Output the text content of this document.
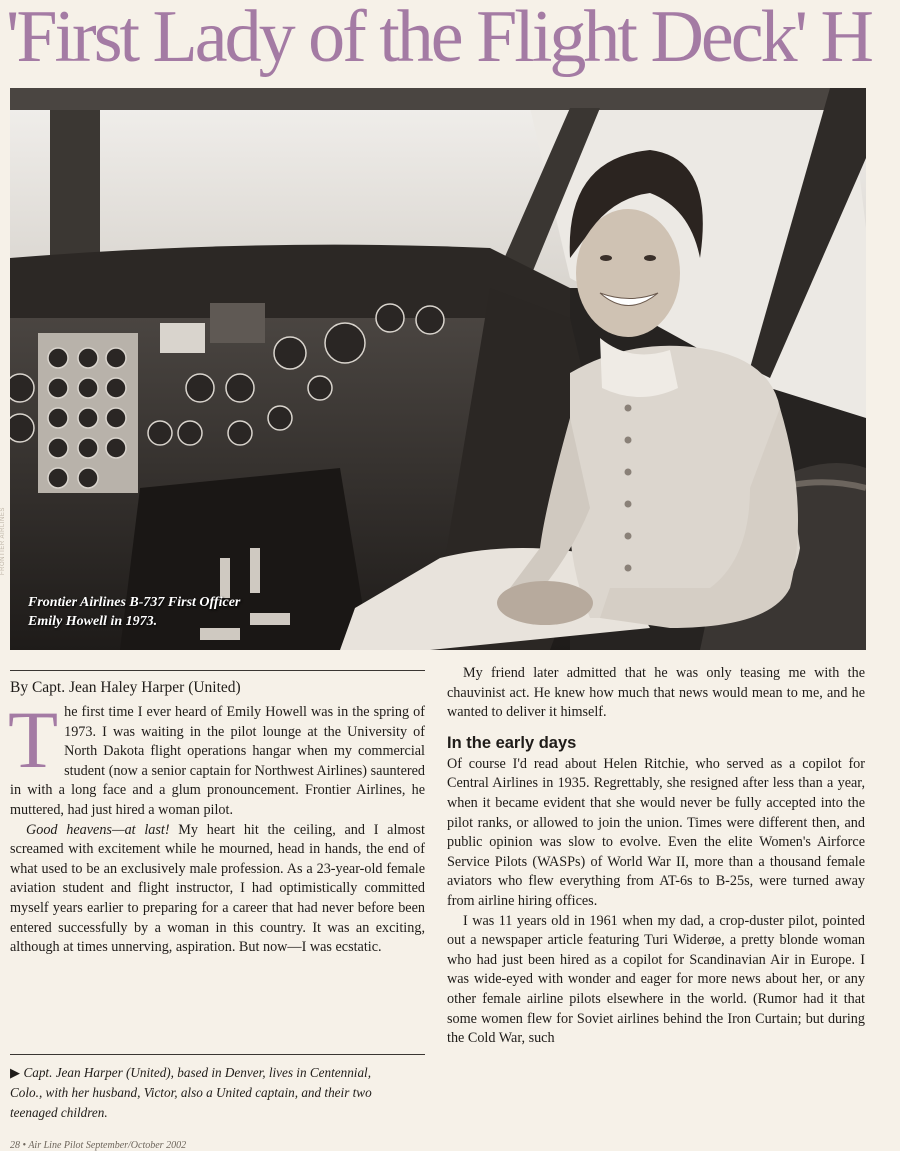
'First Lady of the Flight Deck' H
Frontier Airlines B-737 First Officer
Emily Howell in 1973.
FRONTIER AIRLINES
By Capt. Jean Haley Harper (United)

The first time I ever heard of Emily Howell was in the spring of 1973. I was waiting in the pilot lounge at the University of North Dakota flight operations hangar when my commercial student (now a senior captain for Northwest Airlines) sauntered in with a long face and a glum pronouncement. Frontier Airlines, he muttered, had just hired a woman pilot.

Good heavens—at last! My heart hit the ceiling, and I almost screamed with excitement while he mourned, head in hands, the end of what used to be an exclusively male profession. As a 23-year-old female aviation student and flight instructor, I had optimistically committed myself years earlier to preparing for a career that had never before been entered successfully by a woman in this country. It was an exciting, although at times unnerving, aspiration. But now—I was ecstatic.

▶ Capt. Jean Harper (United), based in Denver, lives in Centennial, Colo., with her husband, Victor, also a United captain, and their two teenaged children.

My friend later admitted that he was only teasing me with the chauvinist act. He knew how much that news would mean to me, and he wanted to deliver it himself.

In the early days

Of course I'd read about Helen Ritchie, who served as a copilot for Central Airlines in 1935. Regrettably, she resigned after less than a year, when it became evident that she would never be fully accepted into the pilot ranks, or allowed to join the union. Times were different then, and public opinion was slow to evolve. Even the elite Women's Airforce Service Pilots (WASPs) of World War II, more than a thousand female aviators who flew everything from AT-6s to B-25s, were turned away from airline hiring offices.

I was 11 years old in 1961 when my dad, a crop-duster pilot, pointed out a newspaper article featuring Turi Widerøe, a pretty blonde woman who had just been hired as a copilot for Scandinavian Air in Europe. I was wide-eyed with wonder and eager for more news about her, or any other female airline pilots elsewhere in the world. (Rumor had it that some women flew for Soviet airlines behind the Iron Curtain; but during the Cold War, such

28 • Air Line Pilot September/October 2002
